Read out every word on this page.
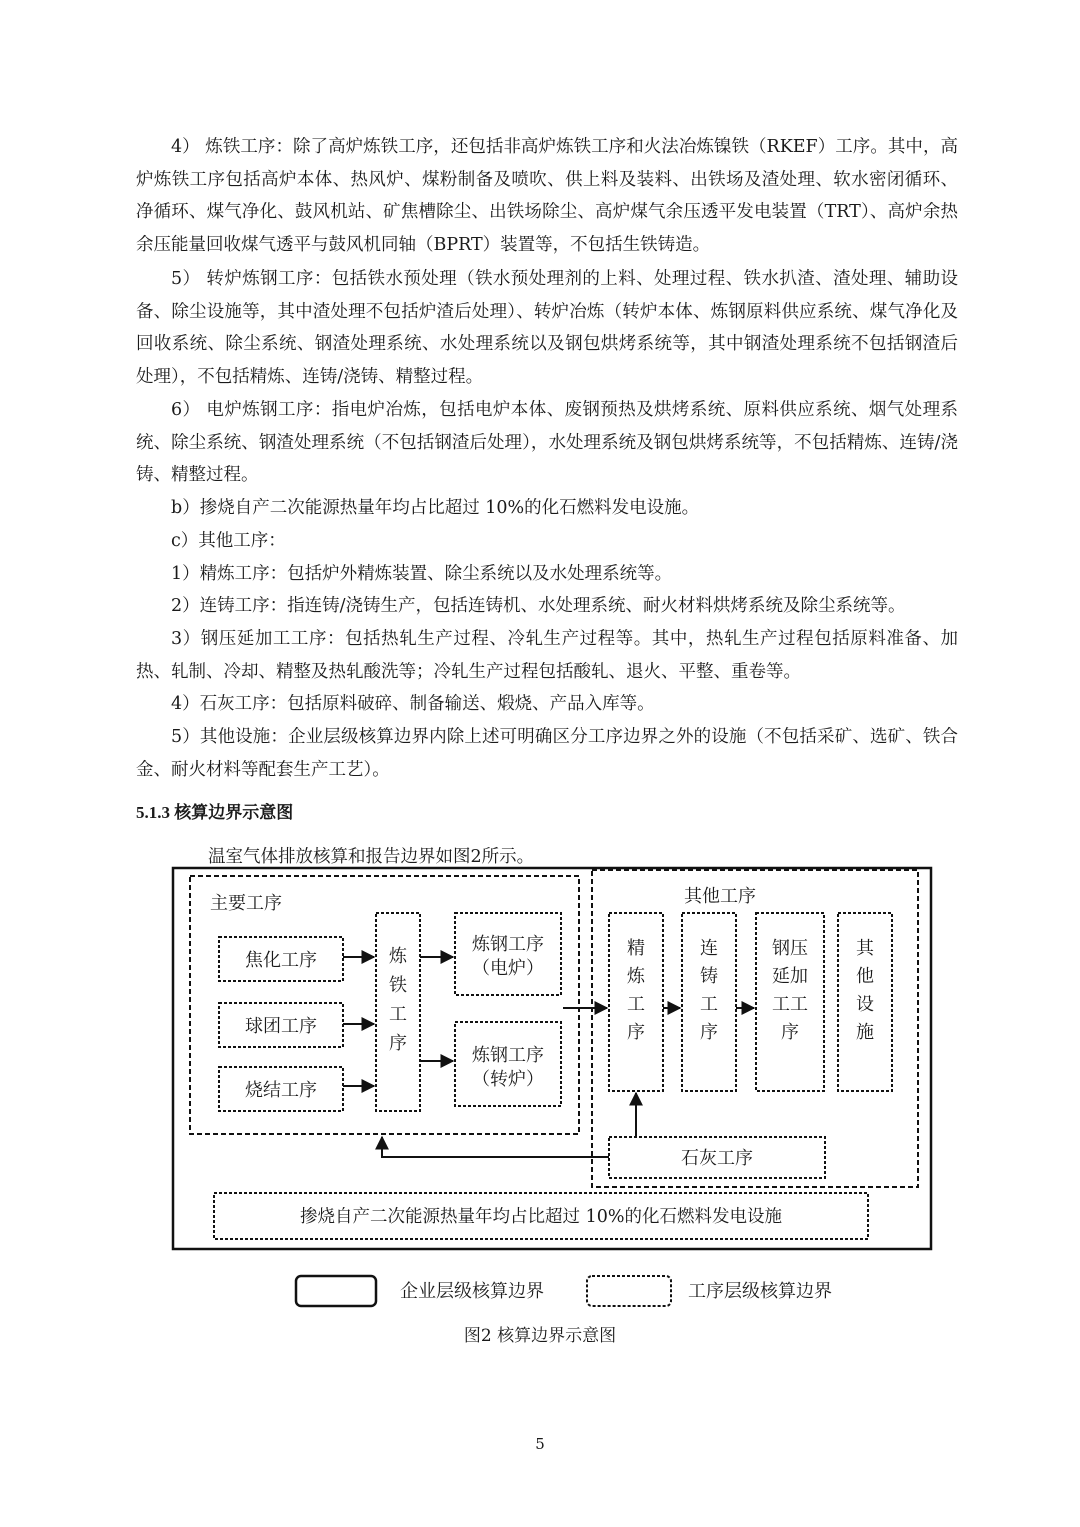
4） 炼铁工序：除了高炉炼铁工序，还包括非高炉炼铁工序和火法冶炼镍铁（RKEF）工序。其中，高炉炼铁工序包括高炉本体、热风炉、煤粉制备及喷吹、供上料及装料、出铁场及渣处理、软水密闭循环、净循环、煤气净化、鼓风机站、矿焦槽除尘、出铁场除尘、高炉煤气余压透平发电装置（TRT）、高炉余热余压能量回收煤气透平与鼓风机同轴（BPRT）装置等，不包括生铁铸造。

5） 转炉炼钢工序：包括铁水预处理（铁水预处理剂的上料、处理过程、铁水扒渣、渣处理、辅助设备、除尘设施等，其中渣处理不包括炉渣后处理）、转炉冶炼（转炉本体、炼钢原料供应系统、煤气净化及回收系统、除尘系统、钢渣处理系统、水处理系统以及钢包烘烤系统等，其中钢渣处理系统不包括钢渣后处理），不包括精炼、连铸/浇铸、精整过程。

6） 电炉炼钢工序：指电炉冶炼，包括电炉本体、废钢预热及烘烤系统、原料供应系统、烟气处理系统、除尘系统、钢渣处理系统（不包括钢渣后处理），水处理系统及钢包烘烤系统等，不包括精炼、连铸/浇铸、精整过程。

b）掺烧自产二次能源热量年均占比超过 10%的化石燃料发电设施。

c）其他工序：

1）精炼工序：包括炉外精炼装置、除尘系统以及水处理系统等。

2）连铸工序：指连铸/浇铸生产，包括连铸机、水处理系统、耐火材料烘烤系统及除尘系统等。

3）钢压延加工工序：包括热轧生产过程、冷轧生产过程等。其中，热轧生产过程包括原料准备、加热、轧制、冷却、精整及热轧酸洗等；冷轧生产过程包括酸轧、退火、平整、重卷等。

4）石灰工序：包括原料破碎、制备输送、煅烧、产品入库等。

5）其他设施：企业层级核算边界内除上述可明确区分工序边界之外的设施（不包括采矿、选矿、铁合金、耐火材料等配套生产工艺）。

5.1.3 核算边界示意图

温室气体排放核算和报告边界如图2所示。

主要工序
焦化工序
球团工序
烧结工序
炼
铁
工
序
炼钢工序
（电炉）
炼钢工序
（转炉）
其他工序
精
炼
工
序
连
铸
工
序
钢压
延加
工工
序
其
他
设
施
石灰工序
掺烧自产二次能源热量年均占比超过 10%的化石燃料发电设施
企业层级核算边界	工序层级核算边界

图2 核算边界示意图

5
